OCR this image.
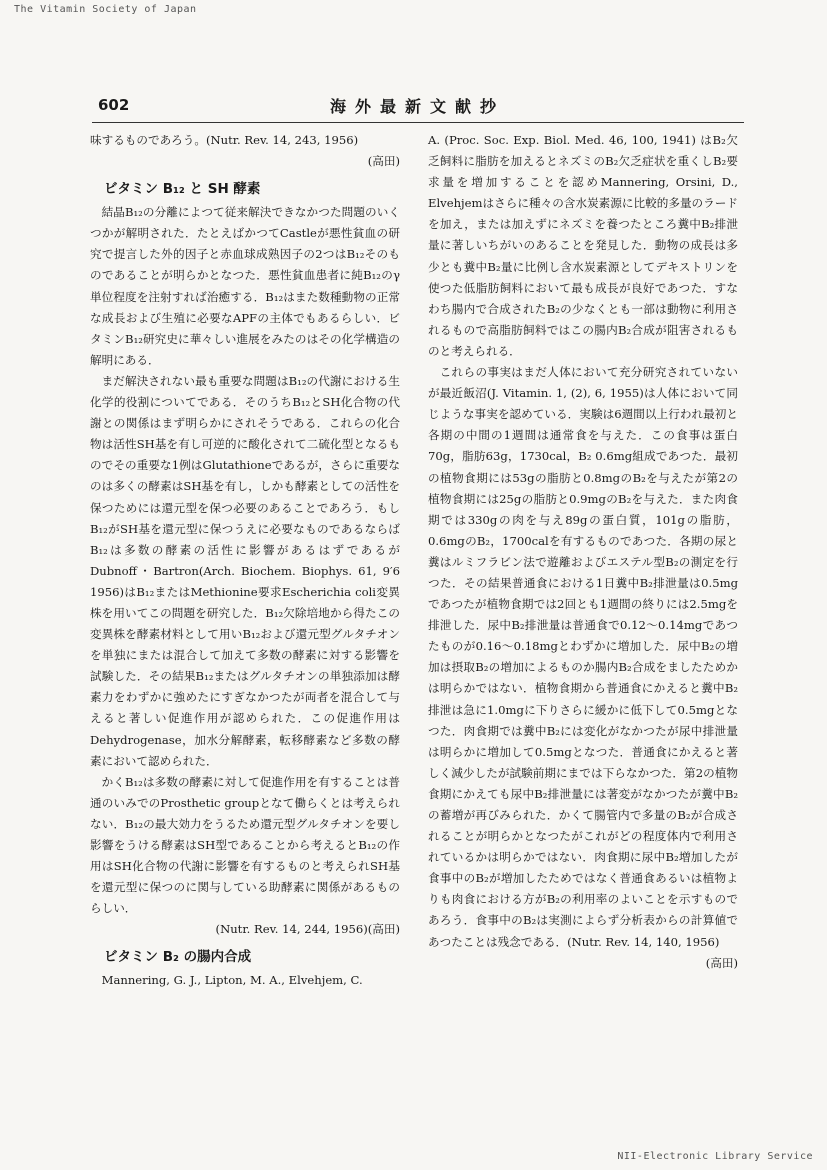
The Vitamin Society of Japan
602	海外最新文献抄

味するものであろう。(Nutr. Rev. 14, 243, 1956)

(高田)

ビタミン B₁₂ と SH 酵素

結晶B₁₂の分離によつて従来解決できなかつた問題のいくつかが解明された．たとえばかつてCastleが悪性貧血の研究で提言した外的因子と赤血球成熟因子の2つはB₁₂そのものであることが明らかとなつた．悪性貧血患者に純B₁₂のγ単位程度を注射すれば治癒する．B₁₂はまた数種動物の正常な成長および生殖に必要なAPFの主体でもあるらしい．ビタミンB₁₂研究史に華々しい進展をみたのはその化学構造の解明にある．

まだ解決されない最も重要な問題はB₁₂の代謝における生化学的役割についてである．そのうちB₁₂とSH化合物の代謝との関係はまず明らかにされそうである．これらの化合物は活性SH基を有し可逆的に酸化されて二硫化型となるものでその重要な1例はGlutathioneであるが，さらに重要なのは多くの酵素はSH基を有し，しかも酵素としての活性を保つためには還元型を保つ必要のあることであろう．もしB₁₂がSH基を還元型に保つうえに必要なものであるならばB₁₂は多数の酵素の活性に影響があるはずであるがDubnoff・Bartron(Arch. Biochem. Biophys. 61, 9′6 1956)はB₁₂またはMethionine要求Escherichia coli変異株を用いてこの問題を研究した．B₁₂欠除培地から得たこの変異株を酵素材料として用いB₁₂および還元型グルタチオンを単独にまたは混合して加えて多数の酵素に対する影響を試験した．その結果B₁₂またはグルタチオンの単独添加は酵素力をわずかに強めたにすぎなかつたが両者を混合して与えると著しい促進作用が認められた．この促進作用はDehydrogenase，加水分解酵素，転移酵素など多数の酵素において認められた．

かくB₁₂は多数の酵素に対して促進作用を有することは普通のいみでのProsthetic groupとなて働らくとは考えられない．B₁₂の最大効力をうるため還元型グルタチオンを要し影響をうける酵素はSH型であることから考えるとB₁₂の作用はSH化合物の代謝に影響を有するものと考えられSH基を還元型に保つのに関与している助酵素に関係があるものらしい．

(Nutr. Rev. 14, 244, 1956)(高田)

ビタミン B₂ の腸内合成

Mannering, G. J., Lipton, M. A., Elvehjem, C.

A. (Proc. Soc. Exp. Biol. Med. 46, 100, 1941) はB₂欠乏飼料に脂肪を加えるとネズミのB₂欠乏症状を重くしB₂要求量を増加することを認めMannering, Orsini, D., Elvehjemはさらに種々の含水炭素源に比較的多量のラードを加え，または加えずにネズミを養つたところ糞中B₂排泄量に著しいちがいのあることを発見した．動物の成長は多少とも糞中B₂量に比例し含水炭素源としてデキストリンを使つた低脂肪飼料において最も成長が良好であつた．すなわち腸内で合成されたB₂の少なくとも一部は動物に利用されるもので高脂肪飼料ではこの腸内B₂合成が阻害されるものと考えられる．

これらの事実はまだ人体において充分研究されていないが最近飯沼(J. Vitamin. 1, (2), 6, 1955)は人体において同じような事実を認めている．実験は6週間以上行われ最初と各期の中間の1週間は通常食を与えた．この食事は蛋白70g，脂肪63g，1730cal，B₂ 0.6mg組成であつた．最初の植物食期には53gの脂肪と0.8mgのB₂を与えたが第2の植物食期には25gの脂肪と0.9mgのB₂を与えた．また肉食期では330gの肉を与え89gの蛋白質，101gの脂肪，0.6mgのB₂，1700calを有するものであつた．各期の尿と糞はルミフラビン法で遊離およびエステル型B₂の測定を行つた．その結果普通食における1日糞中B₂排泄量は0.5mgであつたが植物食期では2回とも1週間の終りには2.5mgを排泄した．尿中B₂排泄量は普通食で0.12〜0.14mgであつたものが0.16〜0.18mgとわずかに増加した．尿中B₂の増加は摂取B₂の増加によるものか腸内B₂合成をましたためかは明らかではない．植物食期から普通食にかえると糞中B₂排泄は急に1.0mgに下りさらに緩かに低下して0.5mgとなつた．肉食期では糞中B₂には変化がなかつたが尿中排泄量は明らかに増加して0.5mgとなつた．普通食にかえると著しく減少したが試験前期にまでは下らなかつた．第2の植物食期にかえても尿中B₂排泄量には著変がなかつたが糞中B₂の蓄増が再びみられた．かくて腸管内で多量のB₂が合成されることが明らかとなつたがこれがどの程度体内で利用されているかは明らかではない．肉食期に尿中B₂増加したが食事中のB₂が増加したためではなく普通食あるいは植物よりも肉食における方がB₂の利用率のよいことを示すものであろう．食事中のB₂は実測によらず分析表からの計算値であつたことは残念である．(Nutr. Rev. 14, 140, 1956)

(高田)

NII-Electronic Library Service
